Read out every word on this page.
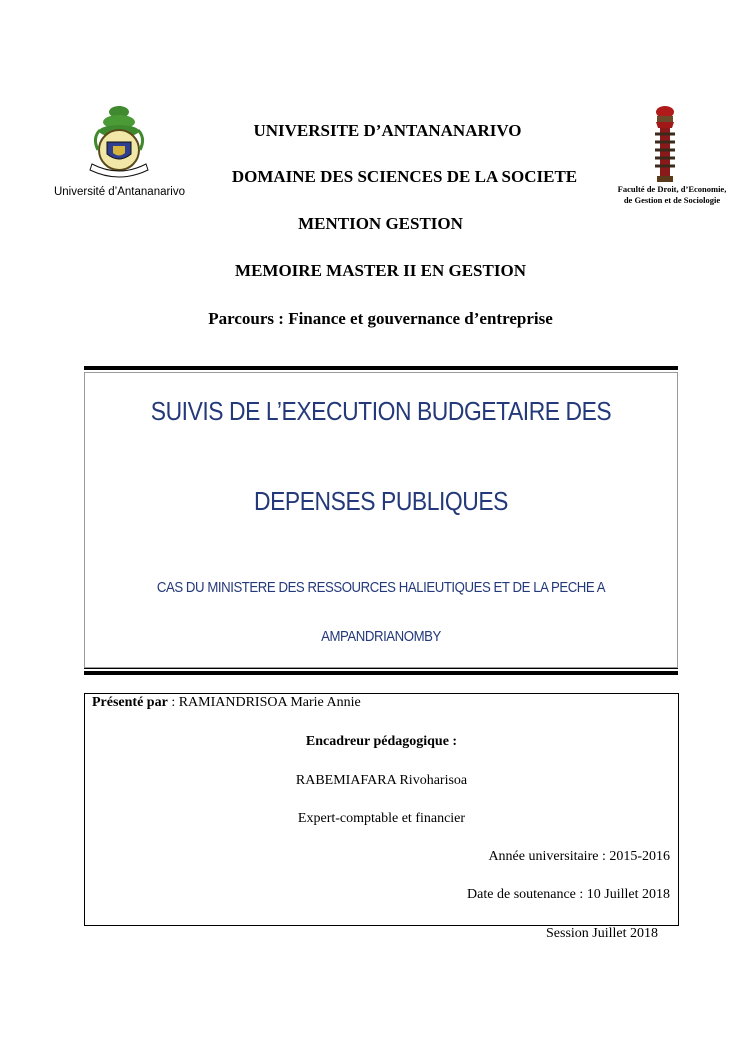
Université d’Antananarivo	Faculté de Droit, d’Economie,
de Gestion et de Sociologie
UNIVERSITE D’ANTANANARIVO
DOMAINE DES SCIENCES DE LA SOCIETE
MENTION GESTION
MEMOIRE MASTER II EN GESTION
Parcours : Finance et gouvernance d’entreprise
SUIVIS DE L’EXECUTION BUDGETAIRE DES
DEPENSES PUBLIQUES
CAS DU MINISTERE DES RESSOURCES HALIEUTIQUES ET DE LA PECHE A
AMPANDRIANOMBY
Présenté par : RAMIANDRISOA Marie Annie
Encadreur pédagogique :
RABEMIAFARA Rivoharisoa
Expert-comptable et financier
Année universitaire : 2015-2016
Date de soutenance : 10 Juillet 2018
Session Juillet 2018
